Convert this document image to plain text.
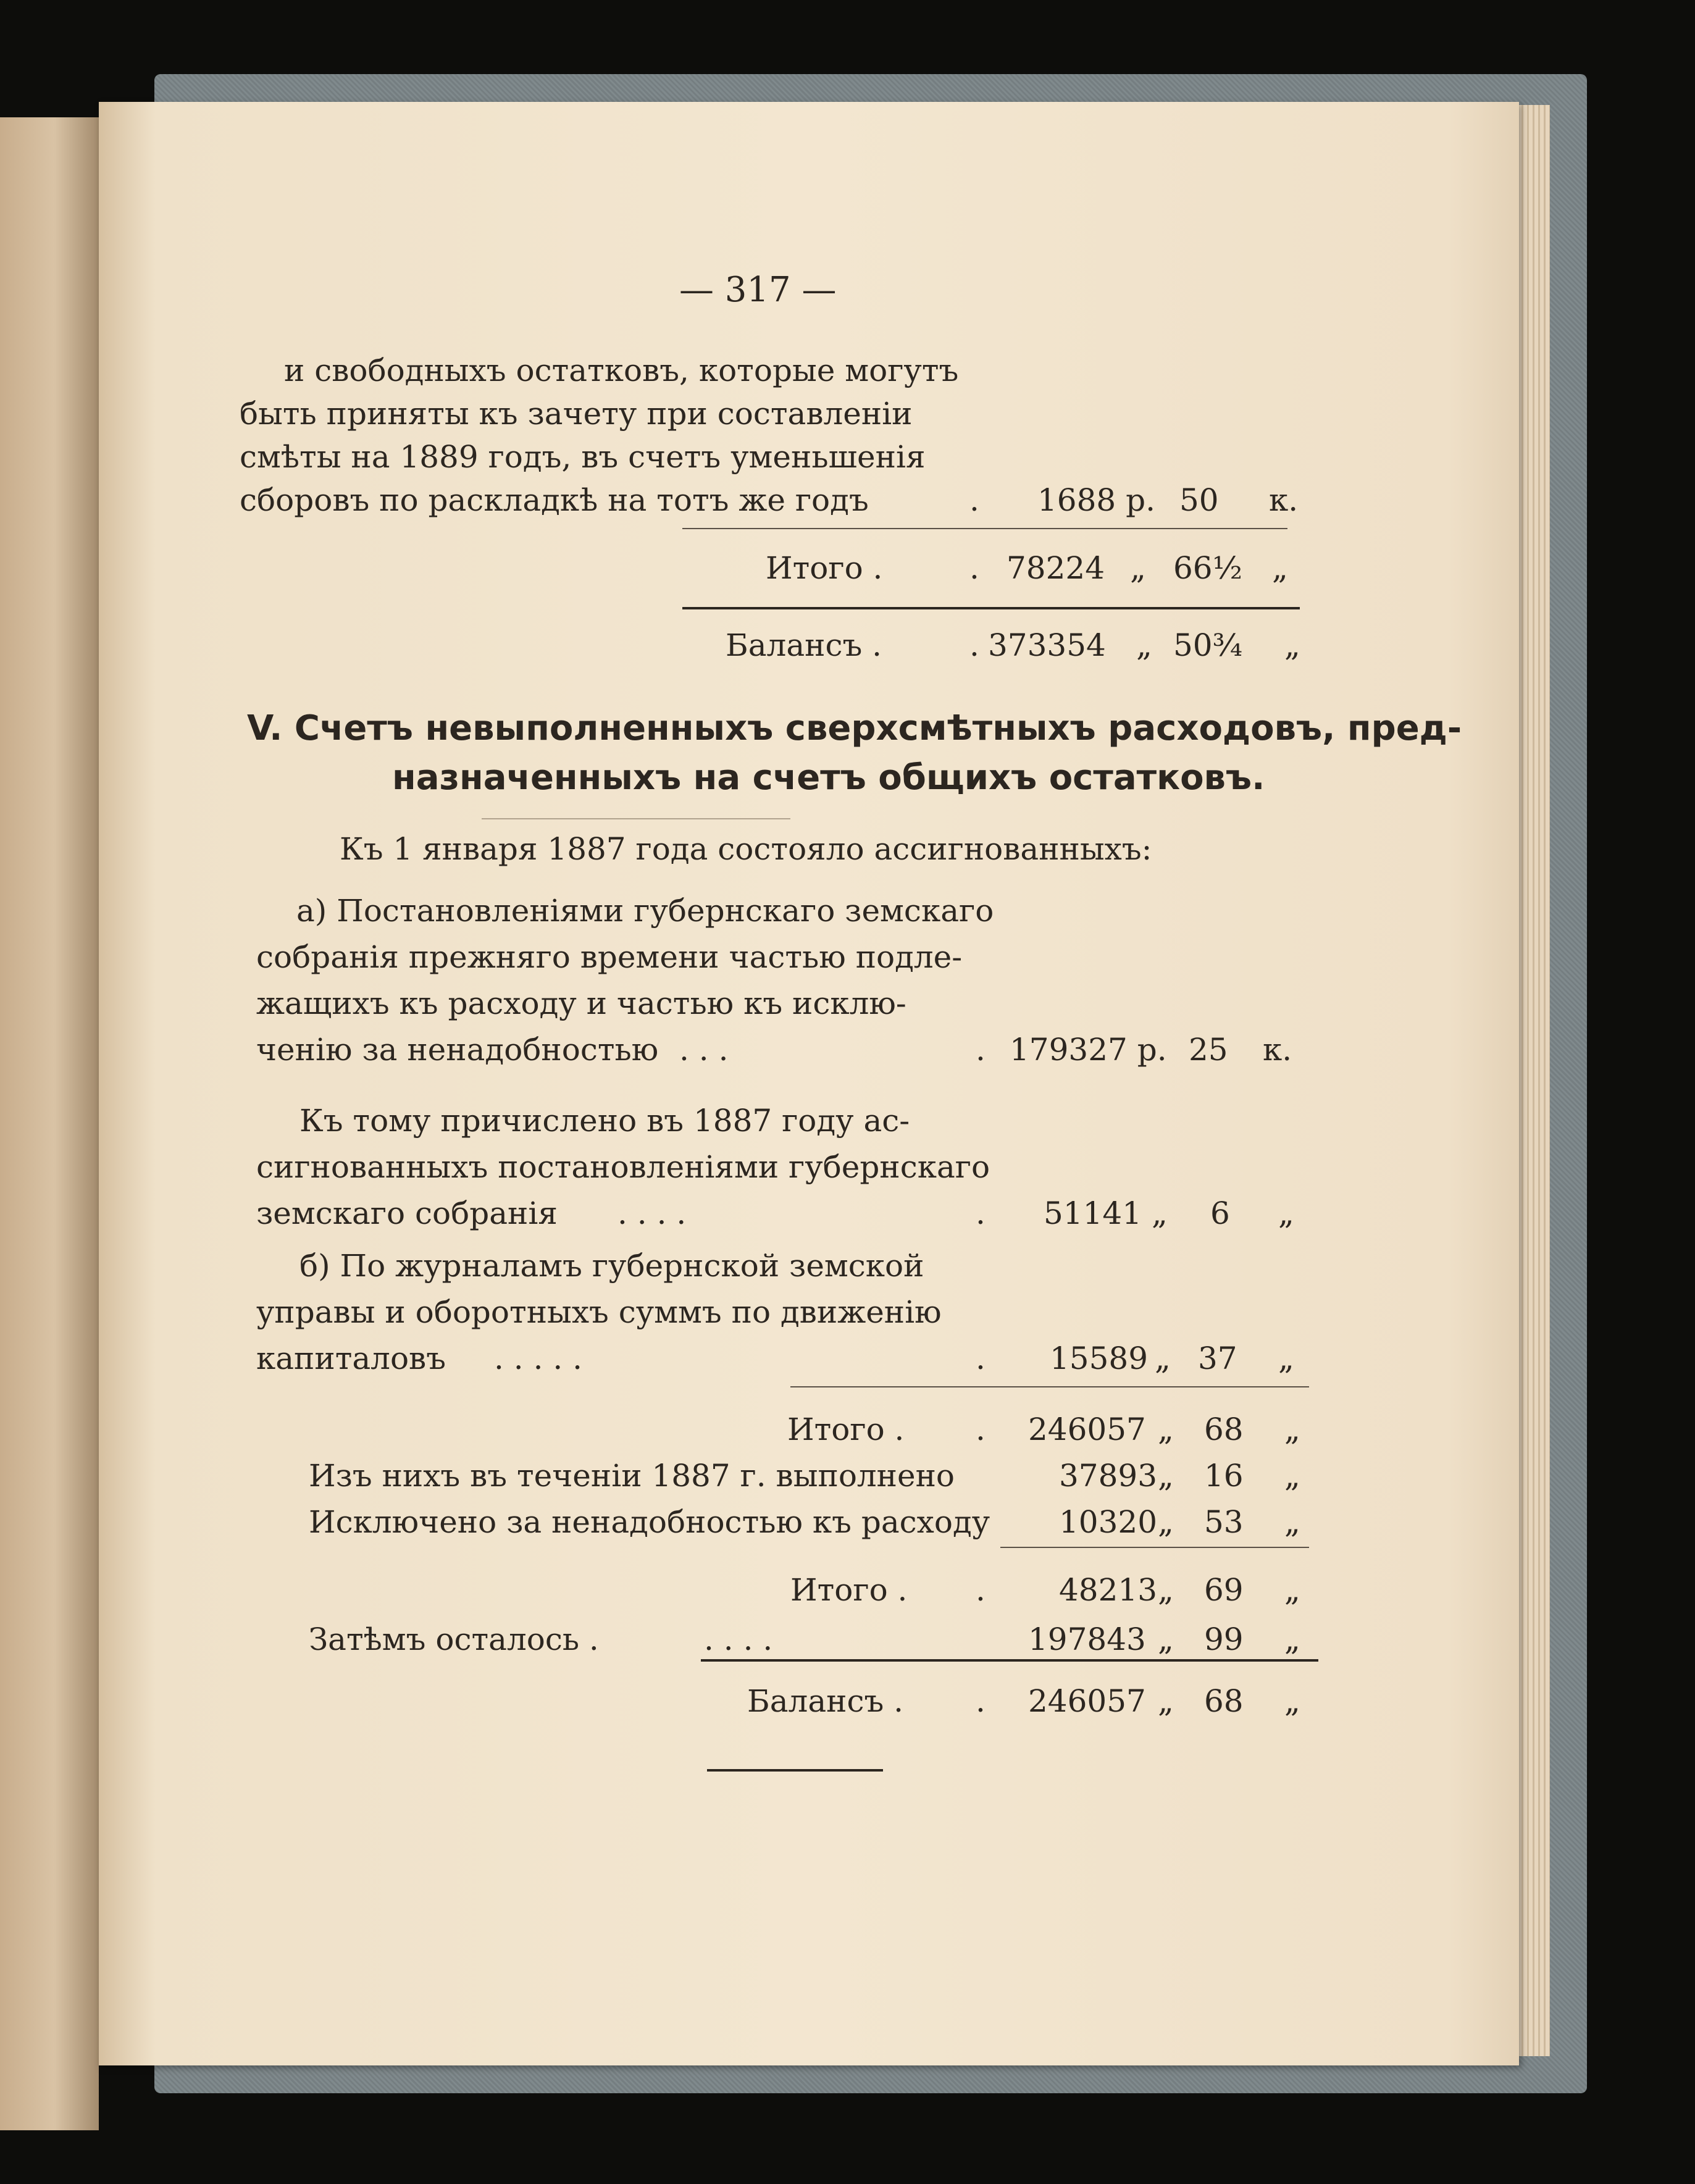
— 317 —
и свободныхъ остатковъ, которые могутъ
быть приняты къ зачету при составленіи
смѣты на 1889 годъ, въ счетъ уменьшенія
сборовъ по раскладкѣ на тотъ же годъ	. 1688 р. 50 к.
Итого .	. 78224 „ 66½ „
Балансъ .	. 373354 „ 50¾ „
V. Счетъ невыполненныхъ сверхсмѣтныхъ расходовъ, пред-
назначенныхъ на счетъ общихъ остатковъ.
Къ 1 января 1887 года состояло ассигнованныхъ:
а) Постановленіями губернскаго земскаго
собранія прежняго времени частью подле-
жащихъ къ расходу и частью къ исклю-
ченію за ненадобностью . . .	. 179327 р. 25 к.
Къ тому причислено въ 1887 году ас-
сигнованныхъ постановленіями губернскаго
земскаго собранія . . . .	. 51141 „ 6 „
б) По журналамъ губернской земской
управы и оборотныхъ суммъ по движенію
капиталовъ . . . . .	. 15589 „ 37 „
Итого . . 246057 „ 68 „
Изъ нихъ въ теченіи 1887 г. выполнено	37893 „ 16 „
Исключено за ненадобностью къ расходу 10320 „ 53 „
Итого . . 48213 „ 69 „
Затѣмъ осталось .	. . . .	197843 „ 99 „
Балансъ . . 246057 „ 68 „
